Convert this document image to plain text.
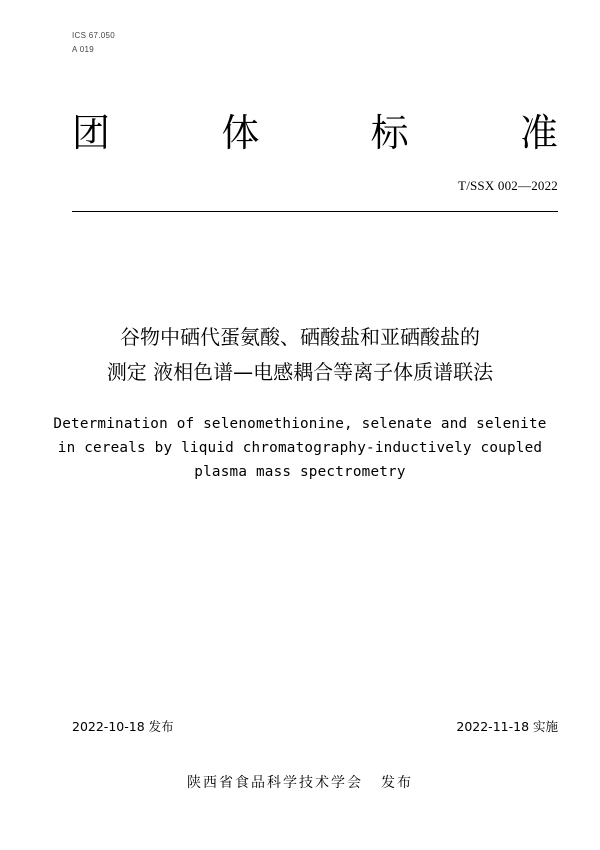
ICS 67.050
A 019
团	体	标	准
T/SSX 002—2022
谷物中硒代蛋氨酸、硒酸盐和亚硒酸盐的
测定 液相色谱—电感耦合等离子体质谱联法
Determination of selenomethionine, selenate and selenite
in cereals by liquid chromatography-inductively coupled
plasma mass spectrometry
2022-10-18 发布	2022-11-18 实施
陕西省食品科学技术学会 发布
